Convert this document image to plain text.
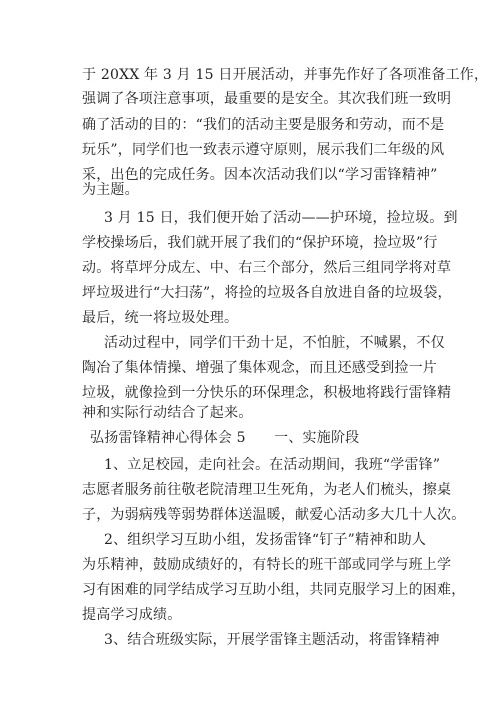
于 20XX 年 3 月 15 日开展活动，并事先作好了各项准备工作，
强调了各项注意事项，最重要的是安全。其次我们班一致明
确了活动的目的：“我们的活动主要是服务和劳动，而不是
玩乐”，同学们也一致表示遵守原则，展示我们二年级的风
采，出色的完成任务。因本次活动我们以“学习雷锋精神”
为主题。
3 月 15 日，我们便开始了活动——护环境，捡垃圾。到
学校操场后，我们就开展了我们的“保护环境，捡垃圾”行
动。将草坪分成左、中、右三个部分，然后三组同学将对草
坪垃圾进行“大扫荡”，将捡的垃圾各自放进自备的垃圾袋，
最后，统一将垃圾处理。
活动过程中，同学们干劲十足，不怕脏，不喊累，不仅
陶冶了集体情操、增强了集体观念，而且还感受到捡一片
垃圾，就像捡到一分快乐的环保理念，积极地将践行雷锋精
神和实际行动结合了起来。
弘扬雷锋精神心得体会 5　　一、实施阶段
1、立足校园，走向社会。在活动期间，我班“学雷锋”
志愿者服务前往敬老院清理卫生死角，为老人们梳头，擦桌
子，为弱病残等弱势群体送温暖，献爱心活动多大几十人次。
2、组织学习互助小组，发扬雷锋“钉子”精神和助人
为乐精神，鼓励成绩好的，有特长的班干部或同学与班上学
习有困难的同学结成学习互助小组，共同克服学习上的困难，
提高学习成绩。
3、结合班级实际，开展学雷锋主题活动，将雷锋精神
